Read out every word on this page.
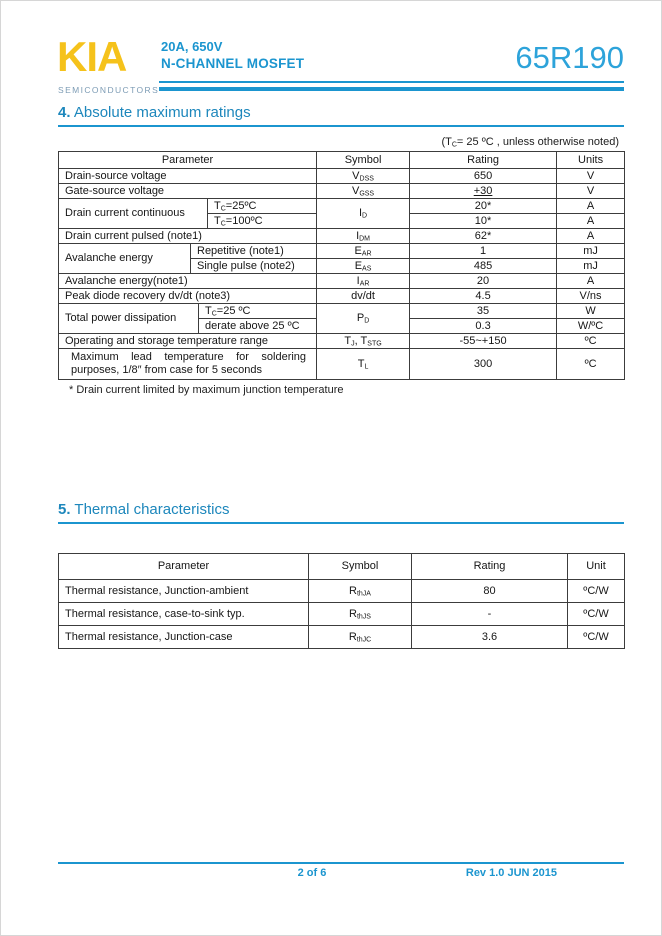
KIA
SEMICONDUCTORS
20A, 650V
N-CHANNEL MOSFET	65R190
4. Absolute maximum ratings
($T_C= 25$ ºC , unless otherwise noted)
Parameter				Symbol	Rating	Units
Drain-source voltage				$V_{DSS}$	650	V
Gate-source voltage				$V_{GSS}$	+30	V
Drain current continuous			$T_C=25ºC$	$I_D$	20*	A
			$T_C=100ºC$		10*	A
Drain current pulsed (note1)				$I_{DM}$	62*	A
Avalanche energy	Repetitive (note1)			$E_{AR}$	1	mJ
	Single pulse (note2)			$E_{AS}$	485	mJ
Avalanche energy(note1)				$I_{AR}$	20	A
Peak diode recovery dv/dt (note3)				dv/dt	4.5	V/ns
Total power dissipation		$T_C=25$ ºC		$P_D$	35	W
		derate above 25 ºC			0.3	W/ºC
Operating and storage temperature range				$T_J$, $T_{STG}$	-55~+150	ºC

Maximum lead temperature for soldering
purposes, 1/8″ from case for 5 seconds				$T_L$	300	ºC
* Drain current limited by maximum junction temperature
5. Thermal characteristics
Parameter	Symbol	Rating	Unit
Thermal resistance, Junction-ambient	$R_{thJA}$	80	ºC/W
Thermal resistance, case-to-sink typ.	$R_{thJS}$	-	ºC/W
Thermal resistance, Junction-case	$R_{thJC}$	3.6	ºC/W
2 of 6	Rev 1.0 JUN 2015
